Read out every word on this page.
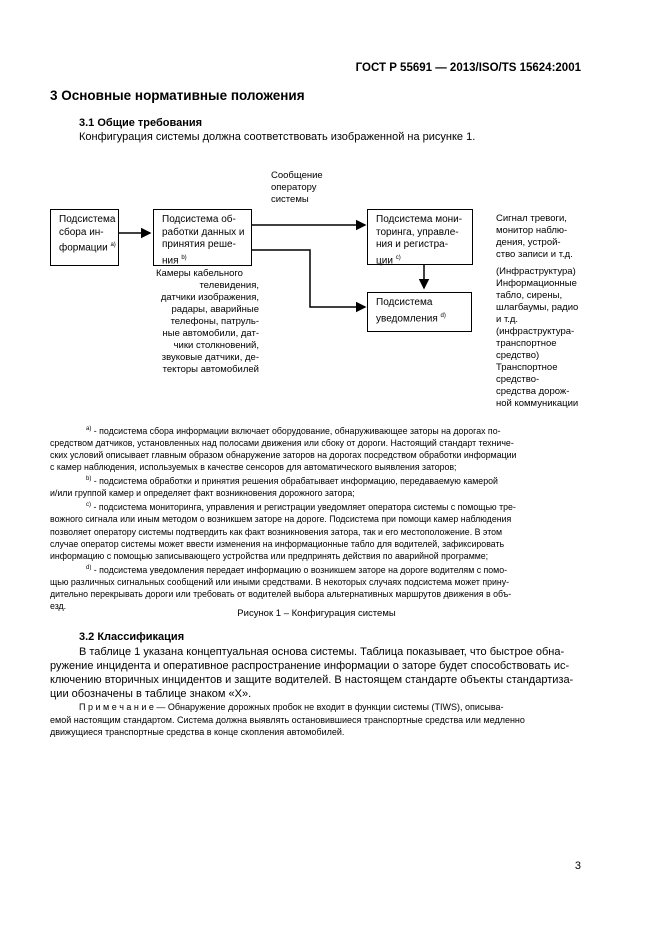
ГОСТ Р 55691 — 2013/ISO/TS 15624:2001
3 Основные нормативные положения
3.1 Общие требования
Конфигурация системы должна соответствовать изображенной на рисунке 1.
Сообщение
оператору
системы
Подсистема
сбора ин-
формации $^{a)}$
Подсистема об-
работки данных и
принятия реше-
ния $^{b)}$
Подсистема мони-
торинга, управле-
ния и регистра-
ции $^{c)}$
Подсистема
уведомления $^{d)}$
Камеры кабельного
телевидения,
датчики изображения,
радары, аварийные
телефоны, патруль-
ные автомобили, дат-
чики столкновений,
звуковые датчики, де-
текторы автомобилей
Сигнал тревоги,
монитор наблю-
дения, устрой-
ство записи и т.д.
(Инфраструктура)
Информационные
табло, сирены,
шлагбаумы, радио
и т.д.
(инфраструктура-
транспортное
средство)
Транспортное
средство-
средства дорож-
ной коммуникации
$^{a)}$ - подсистема сбора информации включает оборудование, обнаруживающее заторы на дорогах по-
средством датчиков, установленных над полосами движения или сбоку от дороги. Настоящий стандарт техниче-
ских условий описывает главным образом обнаружение заторов на дорогах посредством обработки информации
с камер наблюдения, используемых в качестве сенсоров для автоматического выявления заторов;
$^{b)}$ - подсистема обработки и принятия решения обрабатывает информацию, передаваемую камерой
и/или группой камер и определяет факт возникновения дорожного затора;
$^{c)}$ - подсистема мониторинга, управления и регистрации уведомляет оператора системы с помощью тре-
вожного сигнала или иным методом о возникшем заторе на дороге. Подсистема при помощи камер наблюдения
позволяет оператору системы подтвердить как факт возникновения затора, так и его местоположение. В этом
случае оператор системы может ввести изменения на информационные табло для водителей, зафиксировать
информацию с помощью записывающего устройства или предпринять действия по аварийной программе;
$^{d)}$ - подсистема уведомления передает информацию о возникшем заторе на дороге водителям с помо-
щью различных сигнальных сообщений или иными средствами. В некоторых случаях подсистема может прину-
дительно перекрывать дороги или требовать от водителей выбора альтернативных маршрутов движения в объ-
езд.
Рисунок 1 – Конфигурация системы
3.2 Классификация
В таблице 1 указана концептуальная основа системы. Таблица показывает, что быстрое обна-
ружение инцидента и оперативное распространение информации о заторе будет способствовать ис-
ключению вторичных инцидентов и защите водителей. В настоящем стандарте объекты стандартиза-
ции обозначены в таблице знаком «X».
П р и м е ч а н и е — Обнаружение дорожных пробок не входит в функции системы (TIWS), описыва-
емой настоящим стандартом. Система должна выявлять остановившиеся транспортные средства или медленно
движущиеся транспортные средства в конце скопления автомобилей.
3
